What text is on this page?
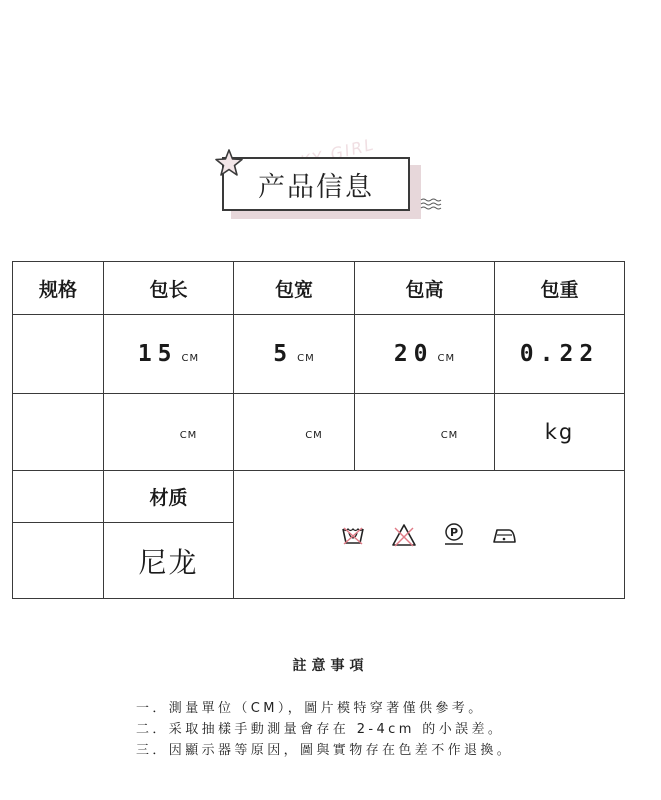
产品信息
规格	包长	包宽	包高	包重
	15 CM	5 CM	20 CM	0.22
	CM	CM	CM	kg
	材质	P		

	尼龙			
註意事項
一．測量單位（CM），圖片模特穿著僅供參考。
二．采取抽樣手動測量會存在 2-4cm 的小誤差。
三．因顯示器等原因，圖與實物存在色差不作退換。
